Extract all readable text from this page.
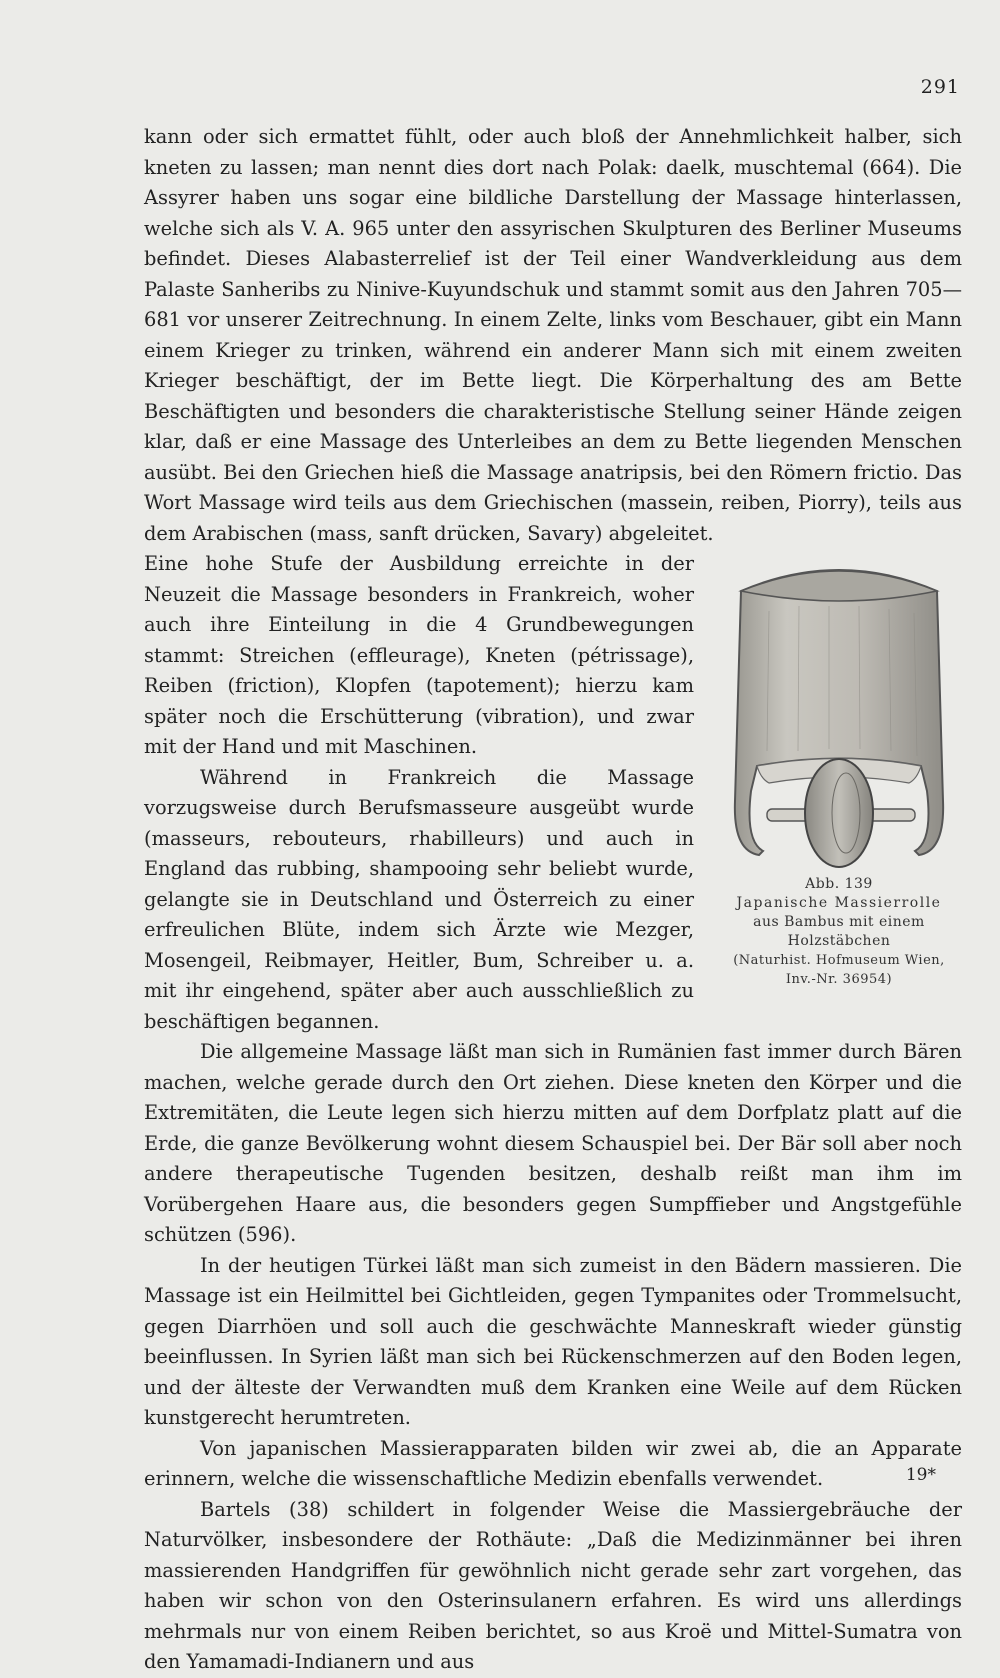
291

kann oder sich ermattet fühlt, oder auch bloß der Annehmlichkeit halber, sich kneten zu lassen; man nennt dies dort nach Polak: daelk, muschtemal (664). Die Assyrer haben uns sogar eine bildliche Darstellung der Massage hinterlassen, welche sich als V. A. 965 unter den assyrischen Skulpturen des Berliner Museums befindet. Dieses Alabasterrelief ist der Teil einer Wandverkleidung aus dem Palaste Sanheribs zu Ninive-Kuyundschuk und stammt somit aus den Jahren 705—681 vor unserer Zeitrechnung. In einem Zelte, links vom Beschauer, gibt ein Mann einem Krieger zu trinken, während ein anderer Mann sich mit einem zweiten Krieger beschäftigt, der im Bette liegt. Die Körperhaltung des am Bette Beschäftigten und besonders die charakteristische Stellung seiner Hände zeigen klar, daß er eine Massage des Unterleibes an dem zu Bette liegenden Menschen ausübt. Bei den Griechen hieß die Massage anatripsis, bei den Römern frictio. Das Wort Massage wird teils aus dem Griechischen (massein, reiben, Piorry), teils aus dem Arabischen (mass, sanft drücken, Savary) abgeleitet.

Abb. 139
Japanische Massierrolle
aus Bambus mit einem Holzstäbchen
(Naturhist. Hofmuseum Wien,
Inv.-Nr. 36954)

Eine hohe Stufe der Ausbildung erreichte in der Neuzeit die Massage besonders in Frankreich, woher auch ihre Einteilung in die 4 Grundbewegungen stammt: Streichen (effleurage), Kneten (pétrissage), Reiben (friction), Klopfen (tapotement); hierzu kam später noch die Erschütterung (vibration), und zwar mit der Hand und mit Maschinen.

Während in Frankreich die Massage vorzugsweise durch Berufsmasseure ausgeübt wurde (masseurs, rebouteurs, rhabilleurs) und auch in England das rubbing, shampooing sehr beliebt wurde, gelangte sie in Deutschland und Österreich zu einer erfreulichen Blüte, indem sich Ärzte wie Mezger, Mosengeil, Reibmayer, Heitler, Bum, Schreiber u. a. mit ihr eingehend, später aber auch ausschließlich zu beschäftigen begannen.

Die allgemeine Massage läßt man sich in Rumänien fast immer durch Bären machen, welche gerade durch den Ort ziehen. Diese kneten den Körper und die Extremitäten, die Leute legen sich hierzu mitten auf dem Dorfplatz platt auf die Erde, die ganze Bevölkerung wohnt diesem Schauspiel bei. Der Bär soll aber noch andere therapeutische Tugenden besitzen, deshalb reißt man ihm im Vorübergehen Haare aus, die besonders gegen Sumpffieber und Angstgefühle schützen (596).

In der heutigen Türkei läßt man sich zumeist in den Bädern massieren. Die Massage ist ein Heilmittel bei Gichtleiden, gegen Tympanites oder Trommelsucht, gegen Diarrhöen und soll auch die geschwächte Manneskraft wieder günstig beeinflussen. In Syrien läßt man sich bei Rückenschmerzen auf den Boden legen, und der älteste der Verwandten muß dem Kranken eine Weile auf dem Rücken kunstgerecht herumtreten.

Von japanischen Massierapparaten bilden wir zwei ab, die an Apparate erinnern, welche die wissenschaftliche Medizin ebenfalls verwendet.

Bartels (38) schildert in folgender Weise die Massiergebräuche der Naturvölker, insbesondere der Rothäute: „Daß die Medizinmänner bei ihren massierenden Handgriffen für gewöhnlich nicht gerade sehr zart vorgehen, das haben wir schon von den Osterinsulanern erfahren. Es wird uns allerdings mehrmals nur von einem Reiben berichtet, so aus Kroë und Mittel-Sumatra von den Yamamadi-Indianern und aus

19*
